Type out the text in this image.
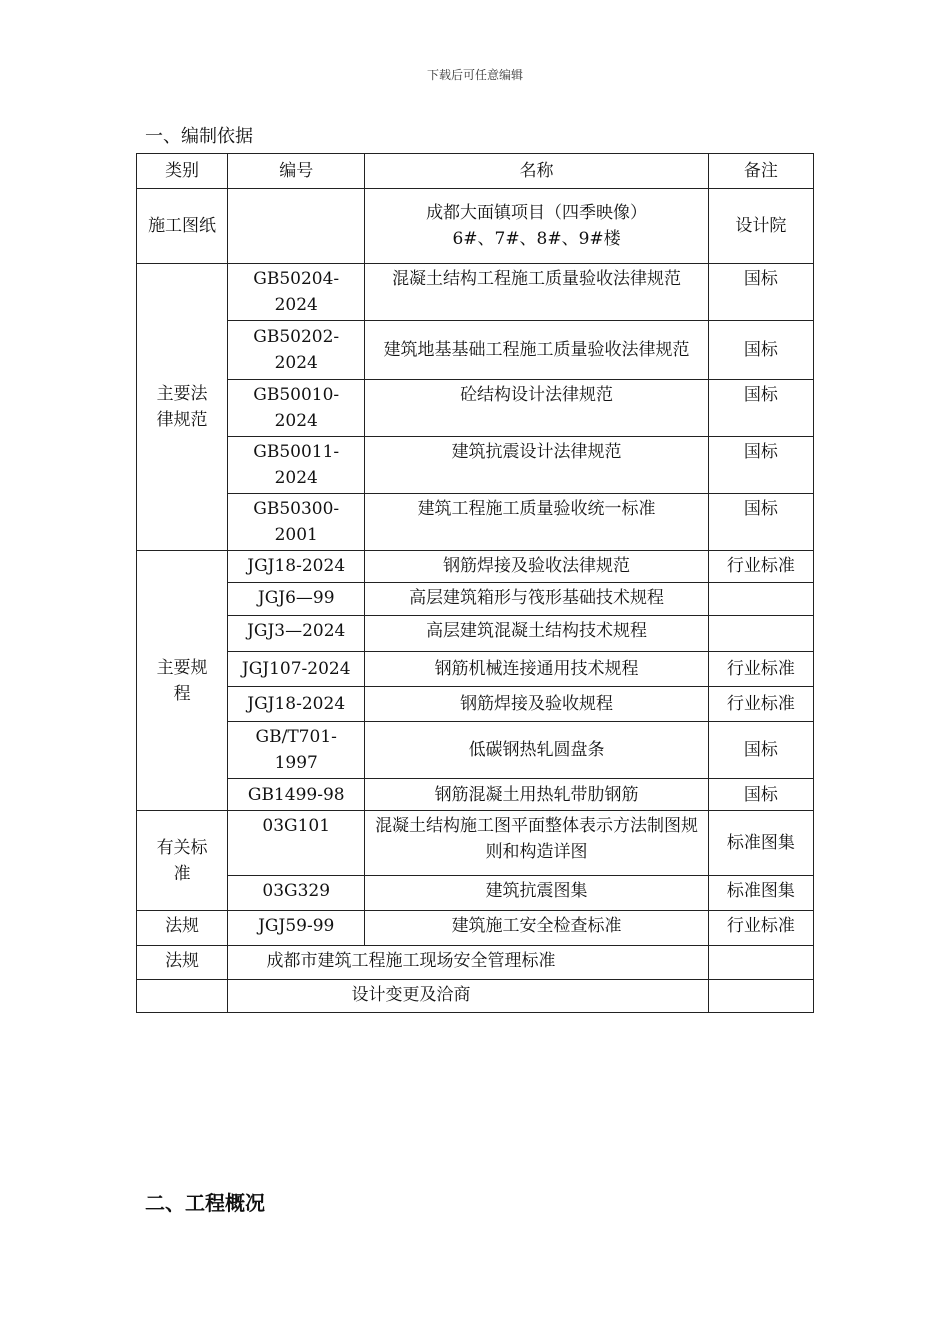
下载后可任意编辑
一、编制依据
类别	编号	名称	备注
施工图纸		成都大面镇项目（四季映像）6#、7#、8#、9#楼	设计院
主要法律规范	GB50204-2024	混凝土结构工程施工质量验收法律规范	国标
	GB50202-2024	建筑地基基础工程施工质量验收法律规范	国标
	GB50010-2024	砼结构设计法律规范	国标
	GB50011-2024	建筑抗震设计法律规范	国标
	GB50300-2001	建筑工程施工质量验收统一标准	国标
主要规程	JGJ18-2024	钢筋焊接及验收法律规范	行业标准
	JGJ6—99	高层建筑箱形与筏形基础技术规程	
	JGJ3—2024	高层建筑混凝土结构技术规程	
	JGJ107-2024	钢筋机械连接通用技术规程	行业标准
	JGJ18-2024	钢筋焊接及验收规程	行业标准
	GB/T701-1997	低碳钢热轧圆盘条	国标
	GB1499-98	钢筋混凝土用热轧带肋钢筋	国标
有关标准	03G101	混凝土结构施工图平面整体表示方法制图规则和构造详图	标准图集
	03G329	建筑抗震图集	标准图集
法规	JGJ59-99	建筑施工安全检查标准	行业标准
法规	成都市建筑工程施工现场安全管理标准		
	设计变更及洽商		
二、工程概况
